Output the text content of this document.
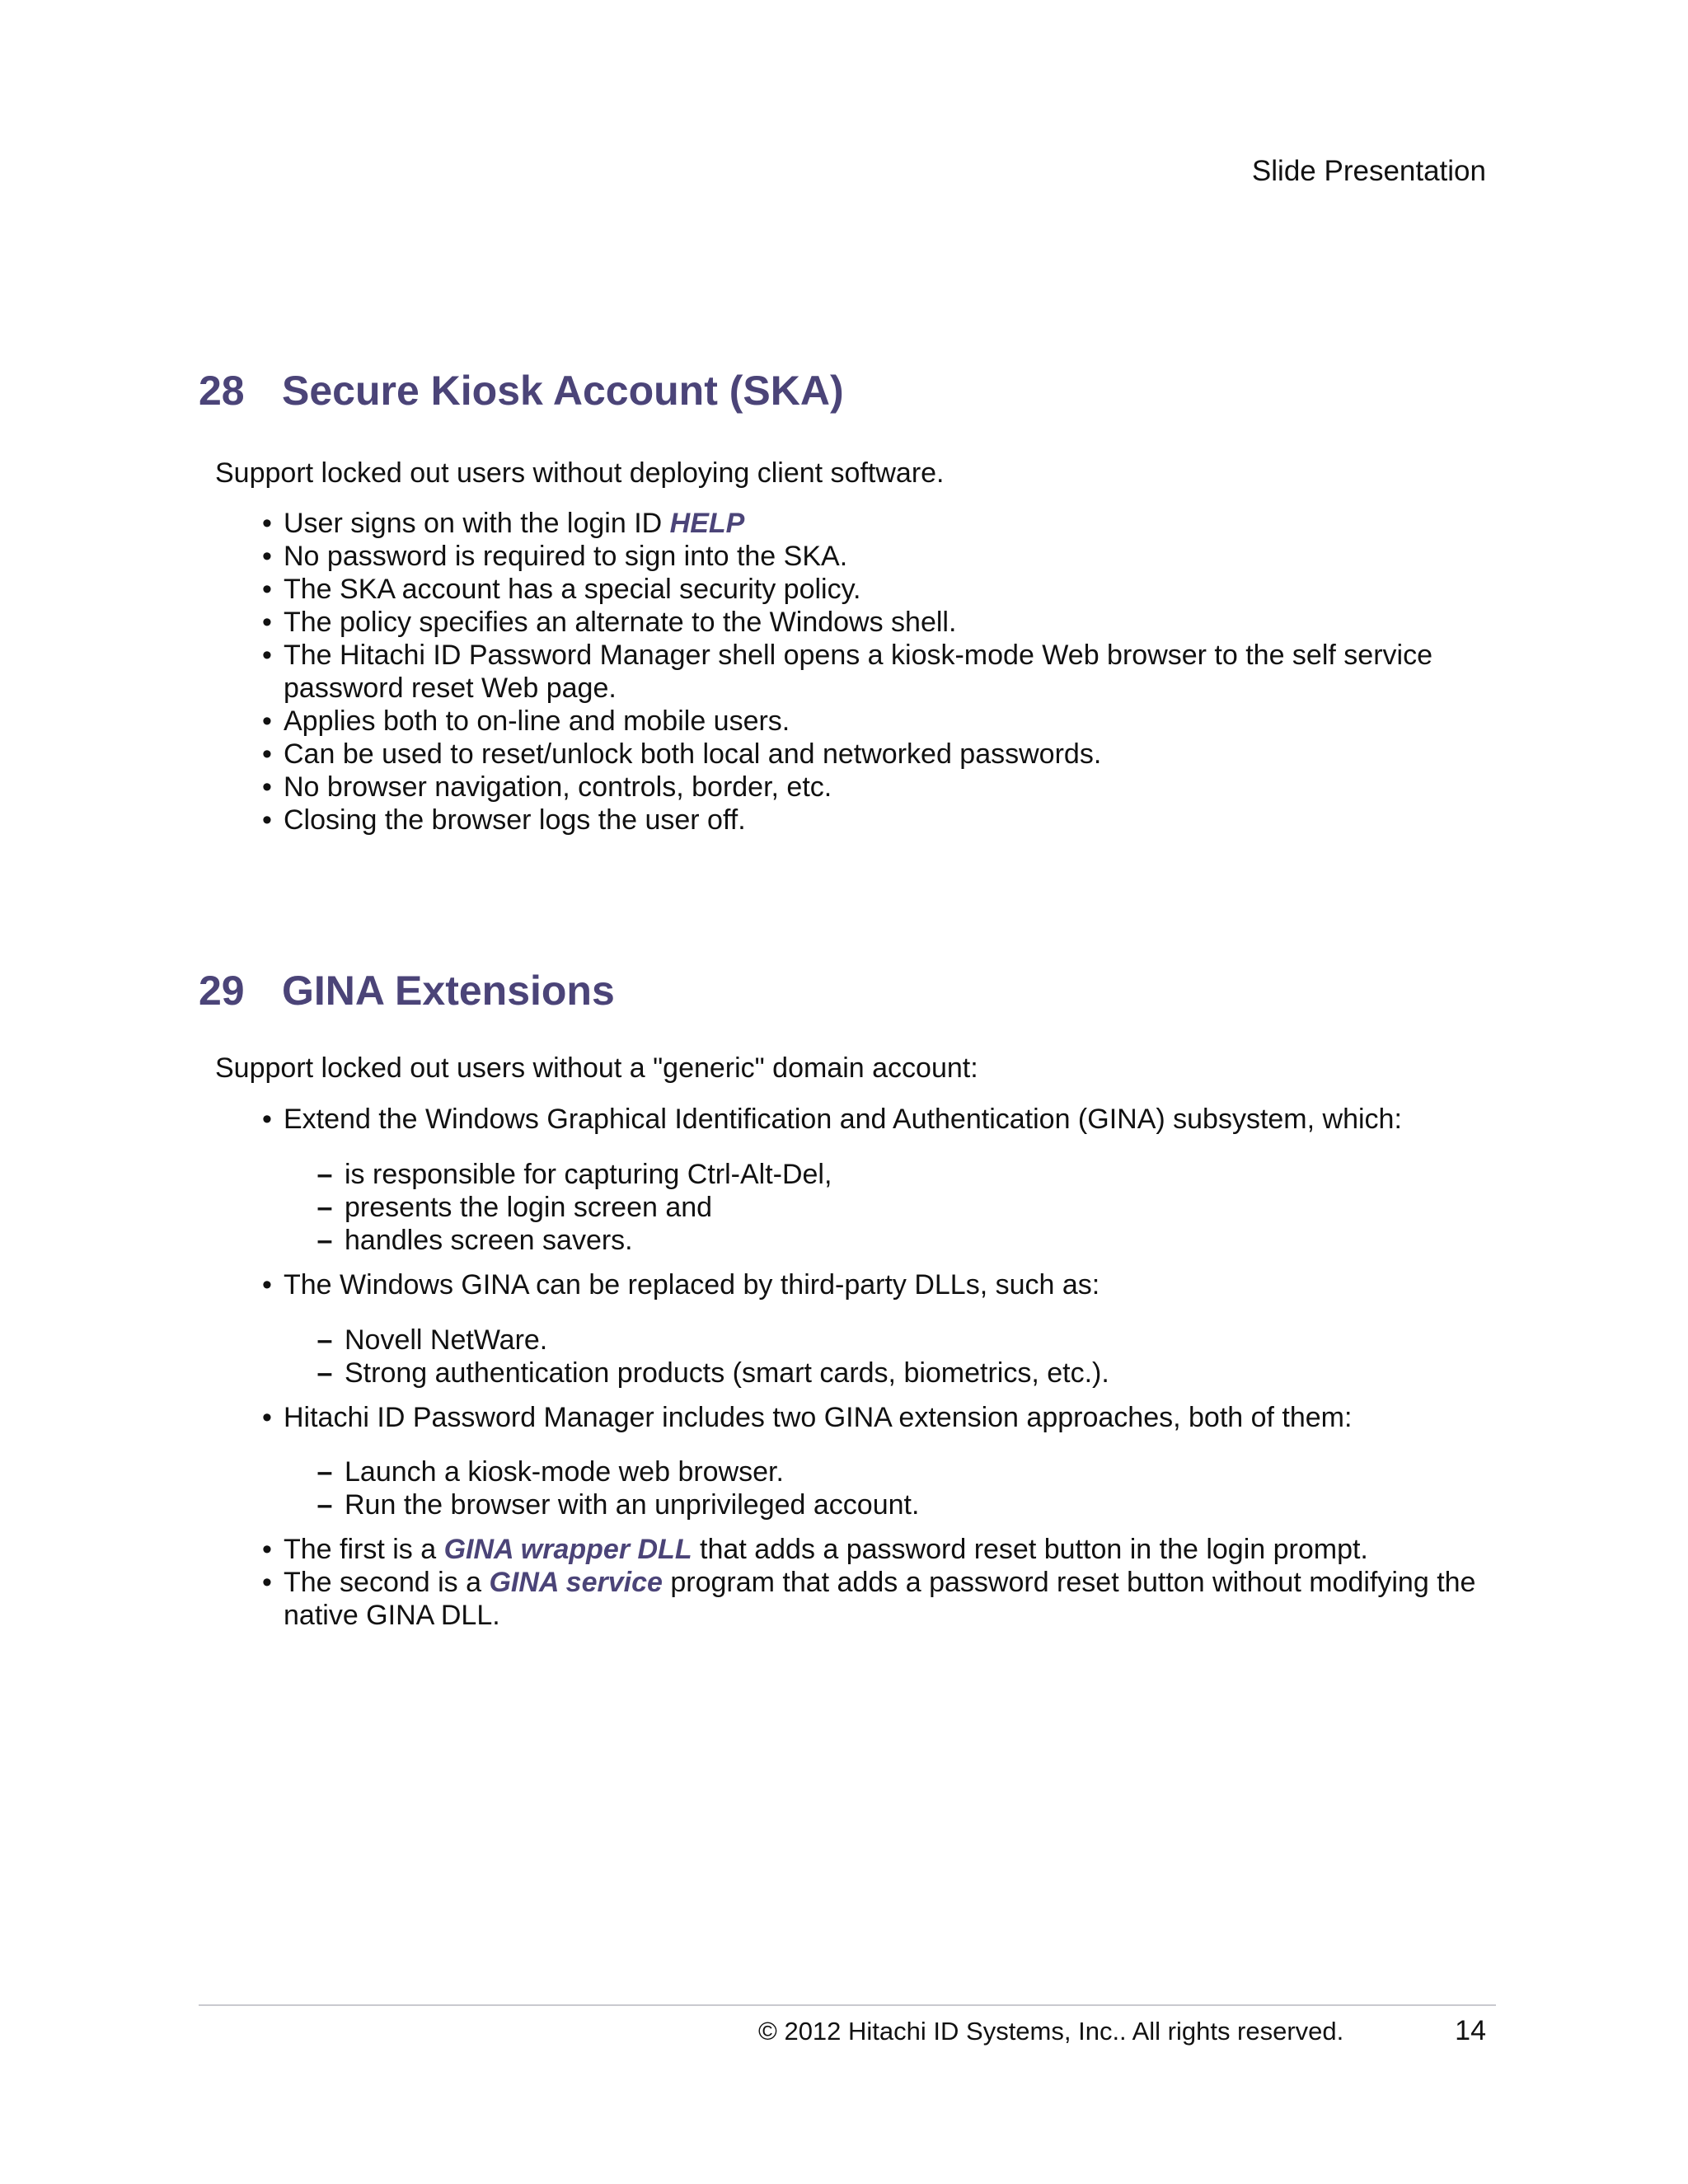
Slide Presentation
28 Secure Kiosk Account (SKA)

Support locked out users without deploying client software.

• User signs on with the login ID HELP
• No password is required to sign into the SKA.
• The SKA account has a special security policy.
• The policy specifies an alternate to the Windows shell.
• The Hitachi ID Password Manager shell opens a kiosk-mode Web browser to the self service password reset Web page.
• Applies both to on-line and mobile users.
• Can be used to reset/unlock both local and networked passwords.
• No browser navigation, controls, border, etc.
• Closing the browser logs the user off.
29 GINA Extensions

Support locked out users without a "generic" domain account:

• Extend the Windows Graphical Identification and Authentication (GINA) subsystem, which:
– is responsible for capturing Ctrl-Alt-Del,
– presents the login screen and
– handles screen savers.
• The Windows GINA can be replaced by third-party DLLs, such as:
– Novell NetWare.
– Strong authentication products (smart cards, biometrics, etc.).
• Hitachi ID Password Manager includes two GINA extension approaches, both of them:
– Launch a kiosk-mode web browser.
– Run the browser with an unprivileged account.
• The first is a GINA wrapper DLL that adds a password reset button in the login prompt.
• The second is a GINA service program that adds a password reset button without modifying the native GINA DLL.
© 2012 Hitachi ID Systems, Inc.. All rights reserved.	14
